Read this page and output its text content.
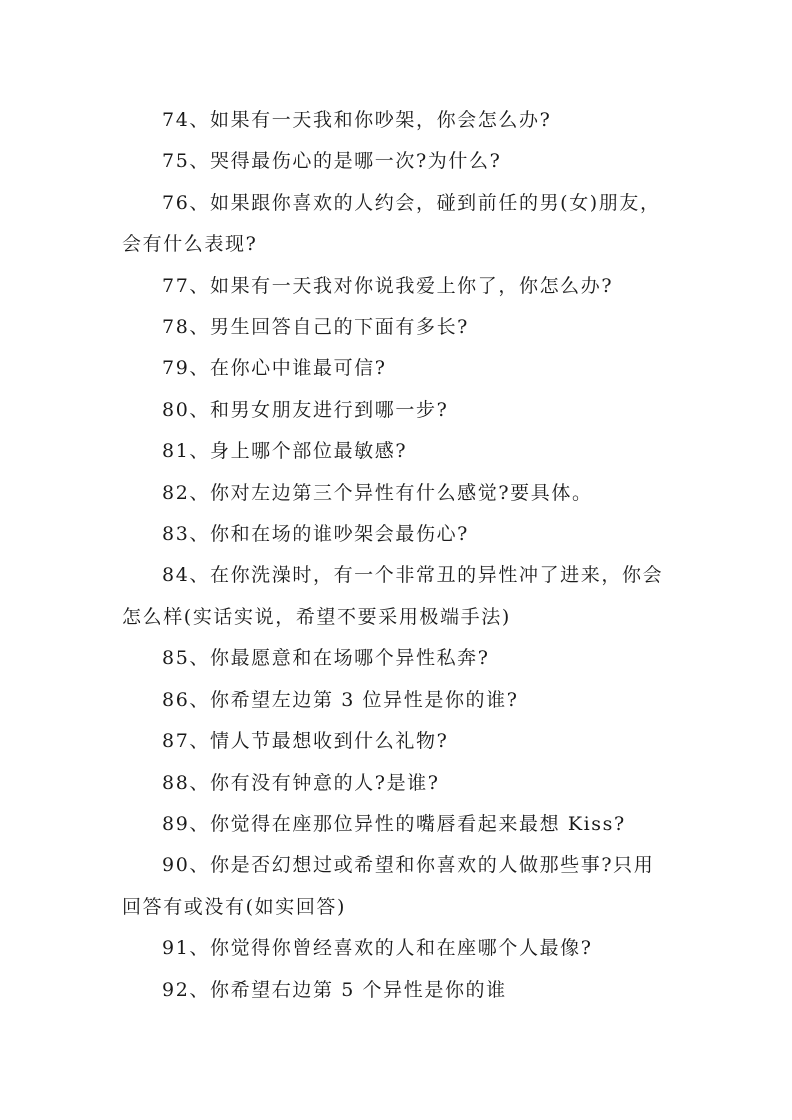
74、如果有一天我和你吵架，你会怎么办?

75、哭得最伤心的是哪一次?为什么?

76、如果跟你喜欢的人约会，碰到前任的男(女)朋友，会有什么表现?

77、如果有一天我对你说我爱上你了，你怎么办?

78、男生回答自己的下面有多长?

79、在你心中谁最可信?

80、和男女朋友进行到哪一步?

81、身上哪个部位最敏感?

82、你对左边第三个异性有什么感觉?要具体。

83、你和在场的谁吵架会最伤心?

84、在你洗澡时，有一个非常丑的异性冲了进来，你会怎么样(实话实说，希望不要采用极端手法)

85、你最愿意和在场哪个异性私奔?

86、你希望左边第 3 位异性是你的谁?

87、情人节最想收到什么礼物?

88、你有没有钟意的人?是谁?

89、你觉得在座那位异性的嘴唇看起来最想 Kiss?

90、你是否幻想过或希望和你喜欢的人做那些事?只用回答有或没有(如实回答)

91、你觉得你曾经喜欢的人和在座哪个人最像?

92、你希望右边第 5 个异性是你的谁
